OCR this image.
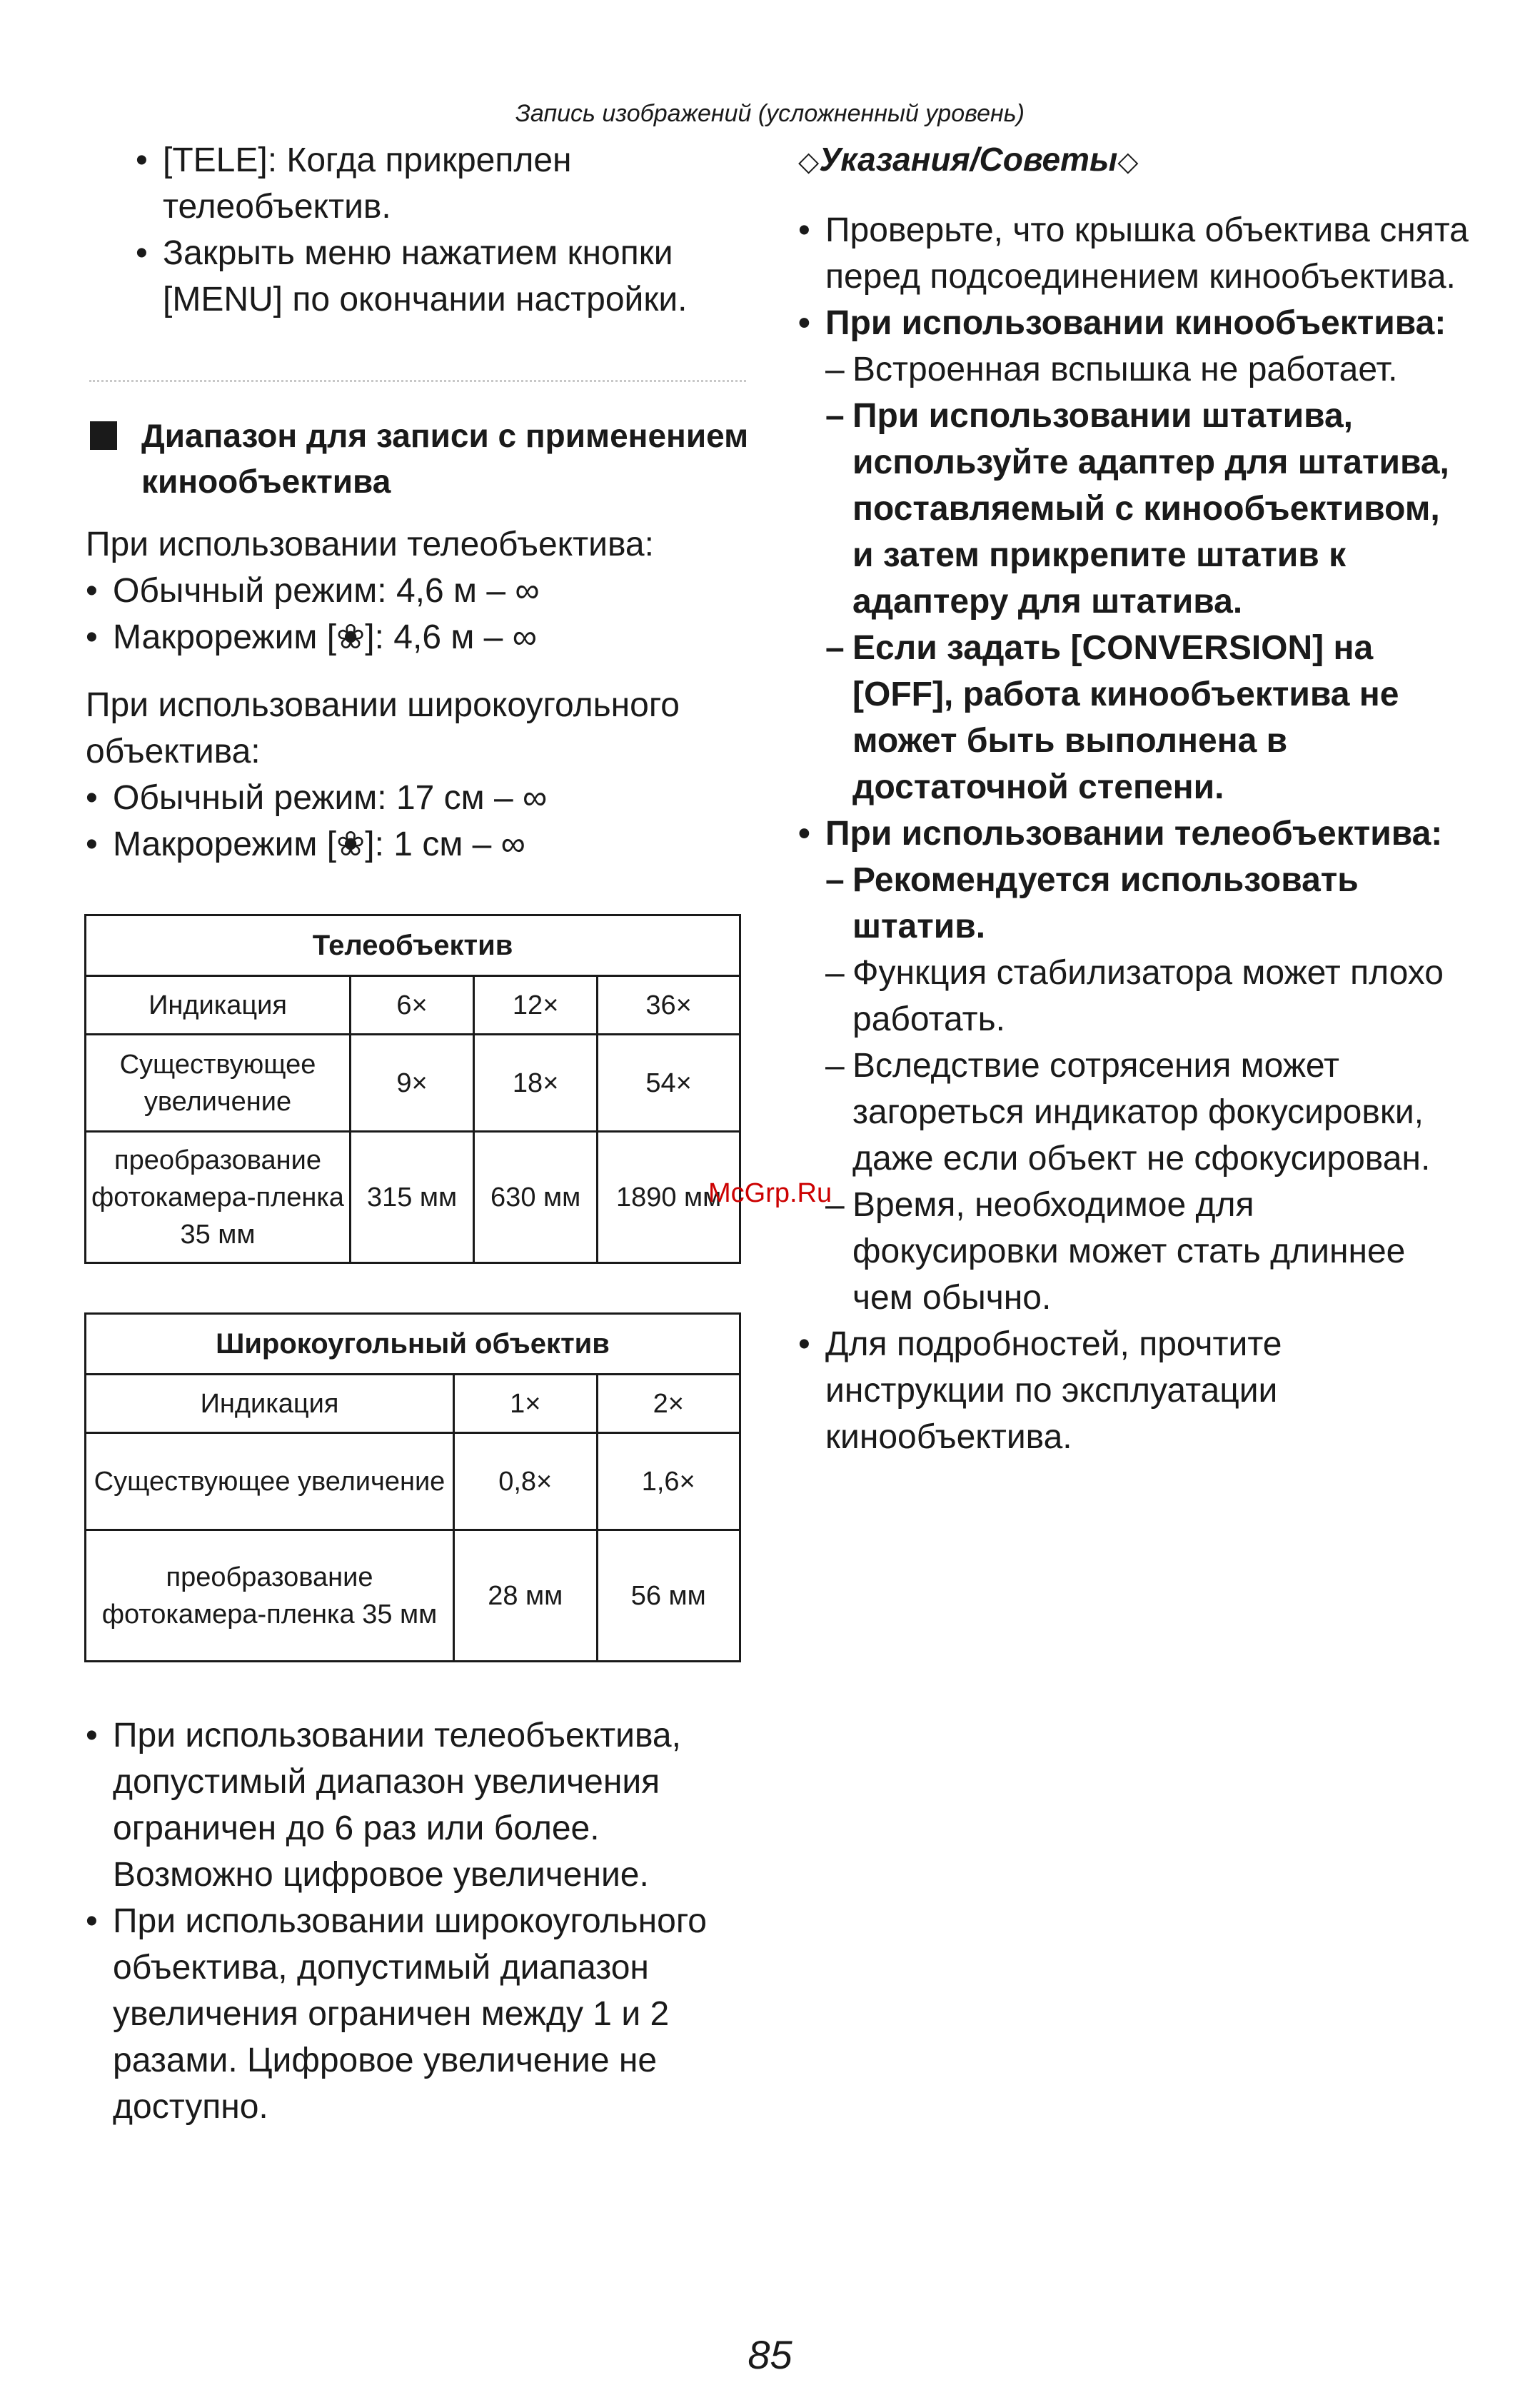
Запись изображений (усложненный уровень)
• [TELE]: Когда прикреплен телеобъектив.
• Закрыть меню нажатием кнопки [MENU] по окончании настройки.
Диапазон для записи с применением кинообъектива
При использовании телеобъектива:
• Обычный режим: 4,6 м – ∞
• Макрорежим [❀]: 4,6 м – ∞
При использовании широкоугольного объектива:
• Обычный режим: 17 см – ∞
• Макрорежим [❀]: 1 см – ∞
Телеобъектив			
Индикация	6×	12×	36×
Существующее увеличение	9×	18×	54×
преобразование фотокамера-пленка 35 мм	315 мм	630 мм	1890 мм
Широкоугольный объектив		
Индикация	1×	2×
Существующее увеличение	0,8×	1,6×
преобразование фотокамера-пленка 35 мм	28 мм	56 мм
• При использовании телеобъектива, допустимый диапазон увеличения ограничен до 6 раз или более. Возможно цифровое увеличение.
• При использовании широкоугольного объектива, допустимый диапазон увеличения ограничен между 1 и 2 разами. Цифровое увеличение не доступно.
◇Указания/Советы◇
• Проверьте, что крышка объектива снята перед подсоединением кинообъектива.
• При использовании кинообъектива:
– Встроенная вспышка не работает.
– При использовании штатива, используйте адаптер для штатива, поставляемый с кинообъективом, и затем прикрепите штатив к адаптеру для штатива.
– Если задать [CONVERSION] на [OFF], работа кинообъектива не может быть выполнена в достаточной степени.
• При использовании телеобъектива:
– Рекомендуется использовать штатив.
– Функция стабилизатора может плохо работать.
– Вследствие сотрясения может загореться индикатор фокусировки, даже если объект не сфокусирован.
– Время, необходимое для фокусировки может стать длиннее чем обычно.
• Для подробностей, прочтите инструкции по эксплуатации кинообъектива.
McGrp.Ru
85
